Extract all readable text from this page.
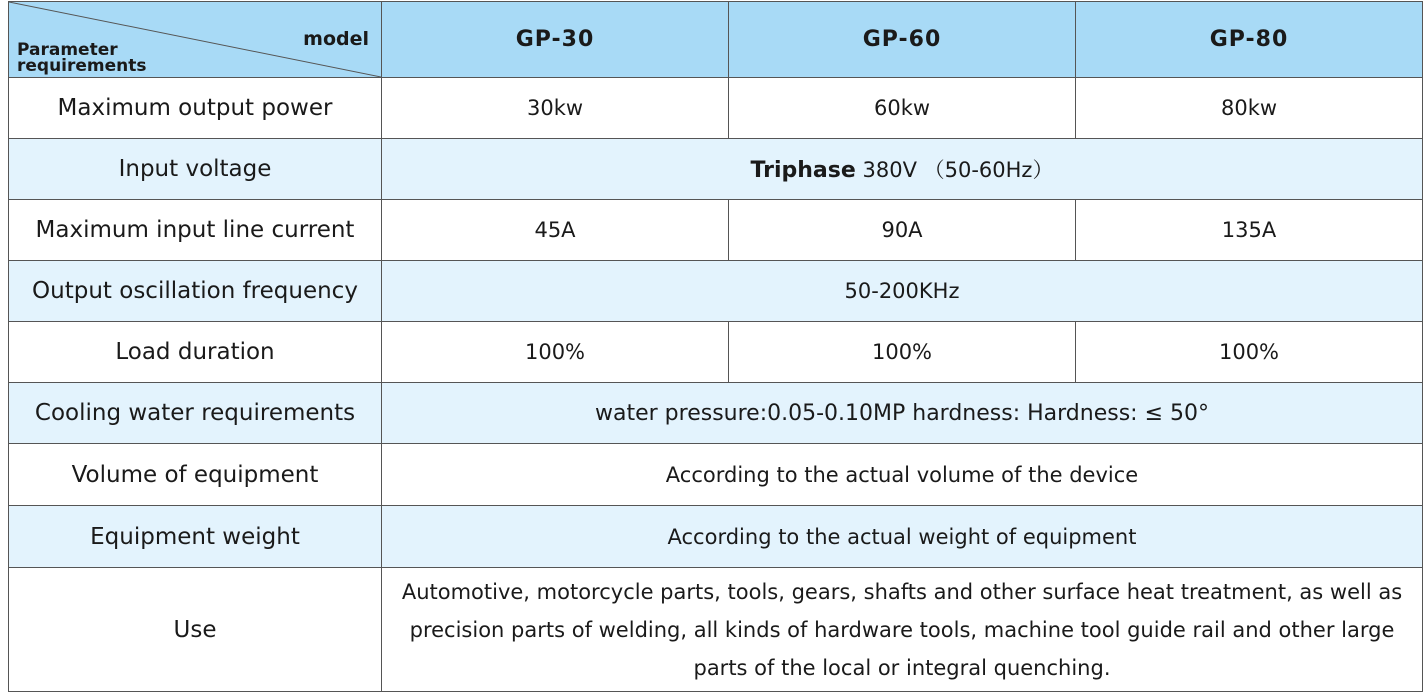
model
Parameter
requirements	GP-30	GP-60	GP-80
Maximum output power	30kw	60kw	80kw
Input voltage	Triphase 380V （50-60Hz）		
Maximum input line current	45A	90A	135A
Output oscillation frequency	50-200KHz		
Load duration	100%	100%	100%
Cooling water requirements	water pressure:0.05-0.10MP hardness: Hardness: ≤ 50°		
Volume of equipment	According to the actual volume of the device		
Equipment weight	According to the actual weight of equipment		
Use	Automotive, motorcycle parts, tools, gears, shafts and other surface heat treatment, as well as precision parts of welding, all kinds of hardware tools, machine tool guide rail and other large parts of the local or integral quenching.		
